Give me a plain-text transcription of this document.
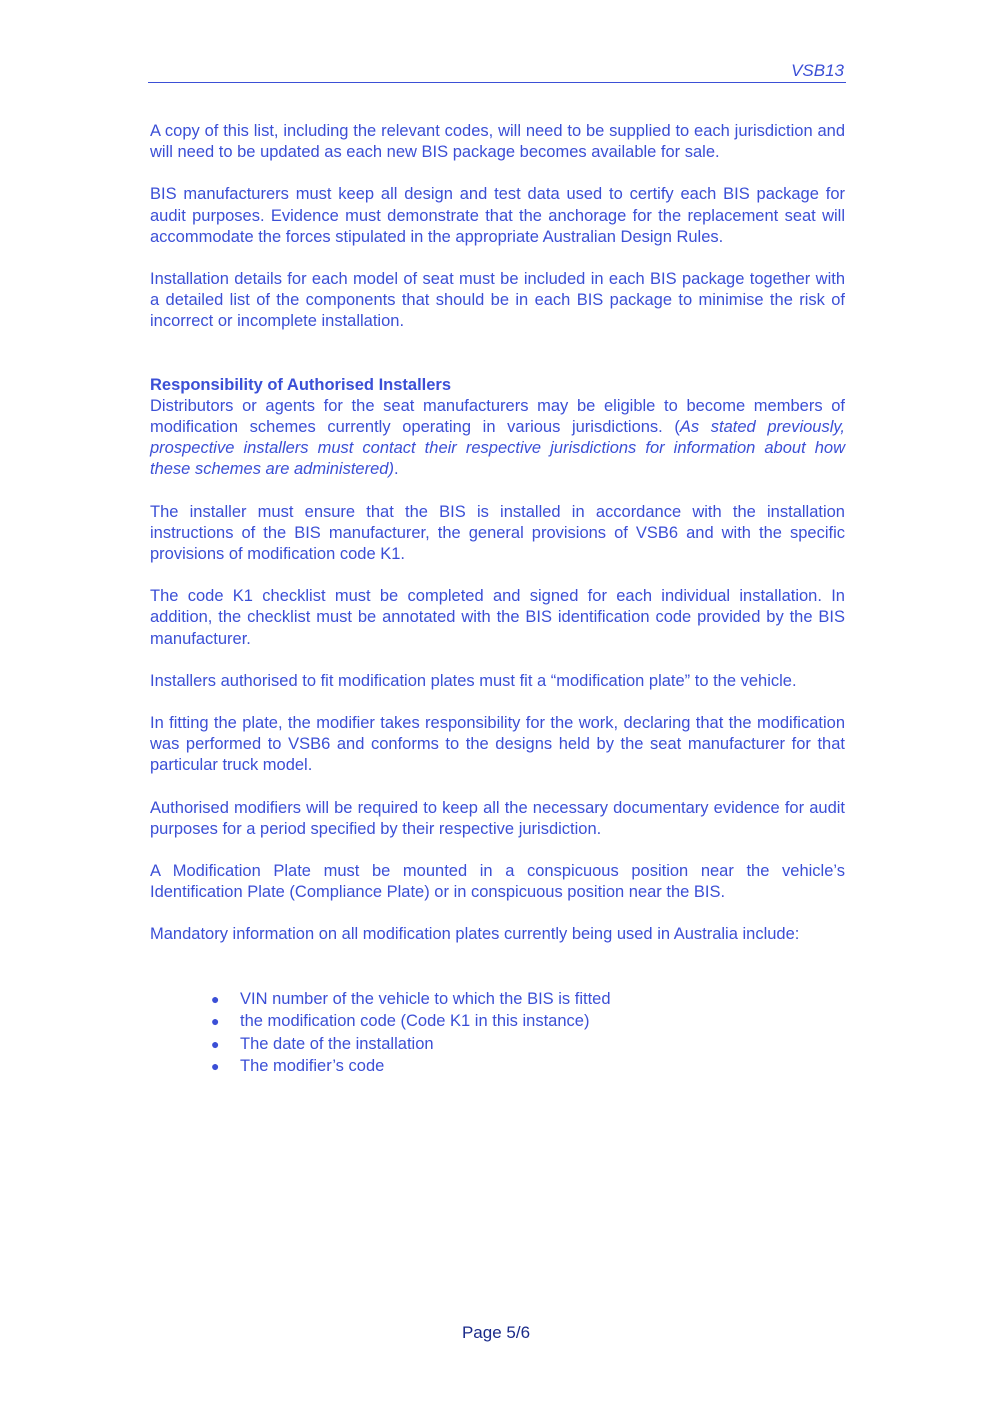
VSB13

A copy of this list, including the relevant codes, will need to be supplied to each jurisdiction and will need to be updated as each new BIS package becomes available for sale.

BIS manufacturers must keep all design and test data used to certify each BIS package for audit purposes. Evidence must demonstrate that the anchorage for the replacement seat will accommodate the forces stipulated in the appropriate Australian Design Rules.

Installation details for each model of seat must be included in each BIS package together with a detailed list of the components that should be in each BIS package to minimise the risk of incorrect or incomplete installation.

Responsibility of Authorised Installers

Distributors or agents for the seat manufacturers may be eligible to become members of modification schemes currently operating in various jurisdictions. (As stated previously, prospective installers must contact their respective jurisdictions for information about how these schemes are administered).

The installer must ensure that the BIS is installed in accordance with the installation instructions of the BIS manufacturer, the general provisions of VSB6 and with the specific provisions of modification code K1.

The code K1 checklist must be completed and signed for each individual installation. In addition, the checklist must be annotated with the BIS identification code provided by the BIS manufacturer.

Installers authorised to fit modification plates must fit a “modification plate” to the vehicle.

In fitting the plate, the modifier takes responsibility for the work, declaring that the modification was performed to VSB6 and conforms to the designs held by the seat manufacturer for that particular truck model.

Authorised modifiers will be required to keep all the necessary documentary evidence for audit purposes for a period specified by their respective jurisdiction.

A Modification Plate must be mounted in a conspicuous position near the vehicle’s Identification Plate (Compliance Plate) or in conspicuous position near the BIS.

Mandatory information on all modification plates currently being used in Australia include:

● VIN number of the vehicle to which the BIS is fitted
● the modification code (Code K1 in this instance)
● The date of the installation
● The modifier’s code
Page 5/6
